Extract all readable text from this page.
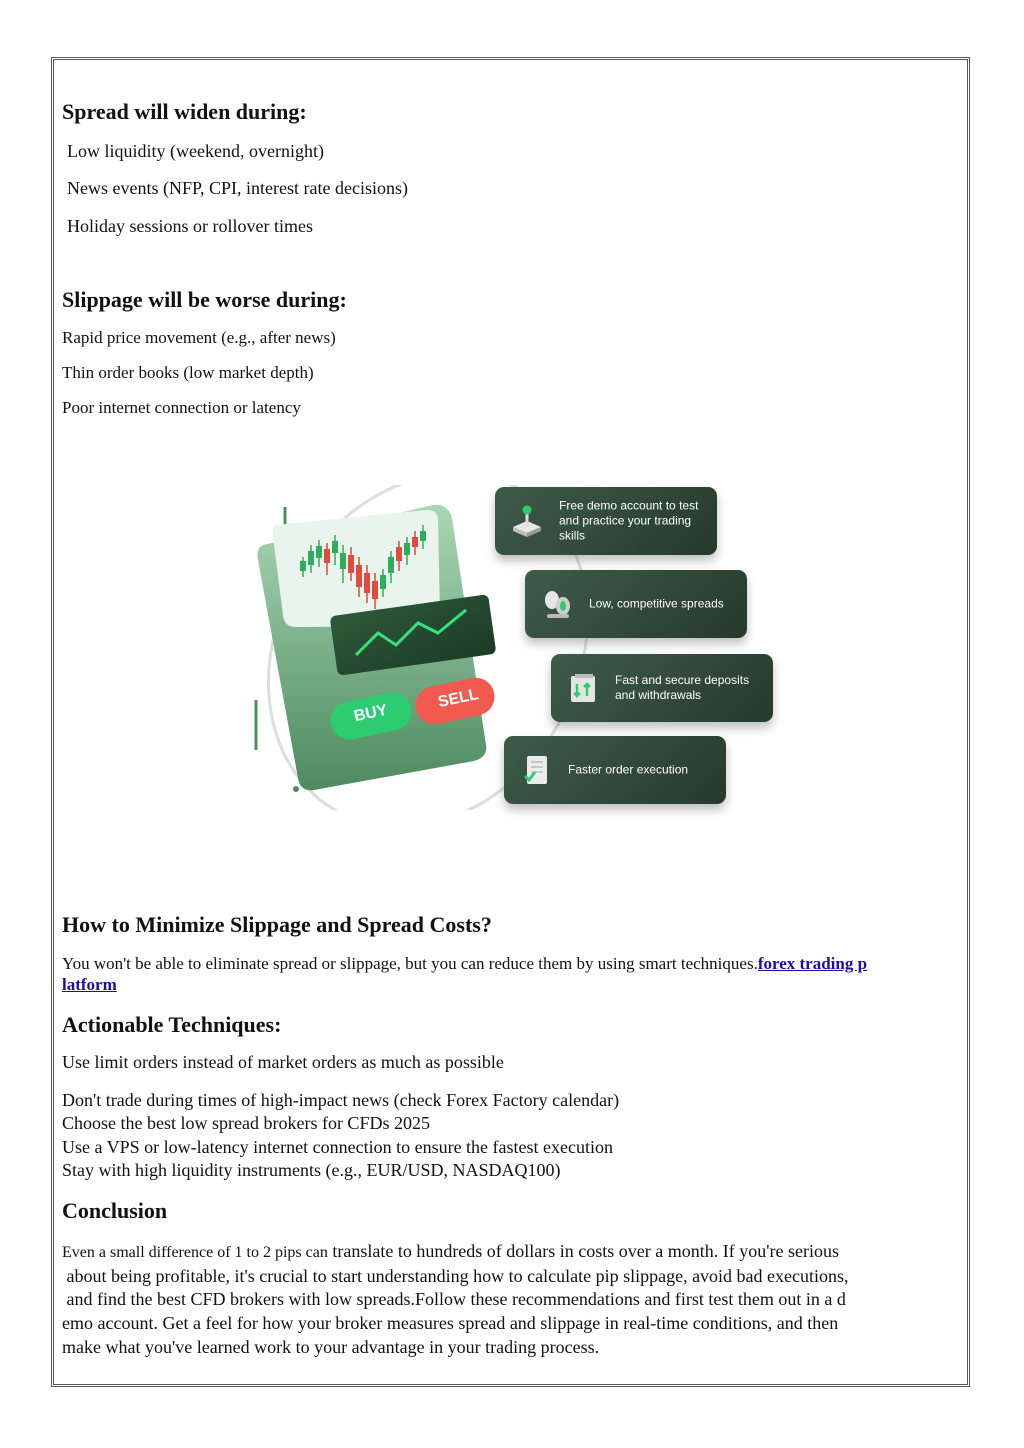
Spread will widen during:
Low liquidity (weekend, overnight)
News events (NFP, CPI, interest rate decisions)
Holiday sessions or rollover times
Slippage will be worse during:
Rapid price movement (e.g., after news)
Thin order books (low market depth)
Poor internet connection or latency
BUY
SELL
Free demo account to test and practice your trading skills
Low, competitive spreads
Fast and secure deposits and withdrawals
Faster order execution
How to Minimize Slippage and Spread Costs?
You won't be able to eliminate spread or slippage, but you can reduce them by using smart techniques.forex trading p
latform
Actionable Techniques:
Use limit orders instead of market orders as much as possible
Don't trade during times of high-impact news (check Forex Factory calendar)
Choose the best low spread brokers for CFDs 2025
Use a VPS or low-latency internet connection to ensure the fastest execution
Stay with high liquidity instruments (e.g., EUR/USD, NASDAQ100)
Conclusion
Even a small difference of 1 to 2 pips can translate to hundreds of dollars in costs over a month. If you're serious
about being profitable, it's crucial to start understanding how to calculate pip slippage, avoid bad executions,
and find the best CFD brokers with low spreads.Follow these recommendations and first test them out in a d
emo account. Get a feel for how your broker measures spread and slippage in real-time conditions, and then
make what you've learned work to your advantage in your trading process.
